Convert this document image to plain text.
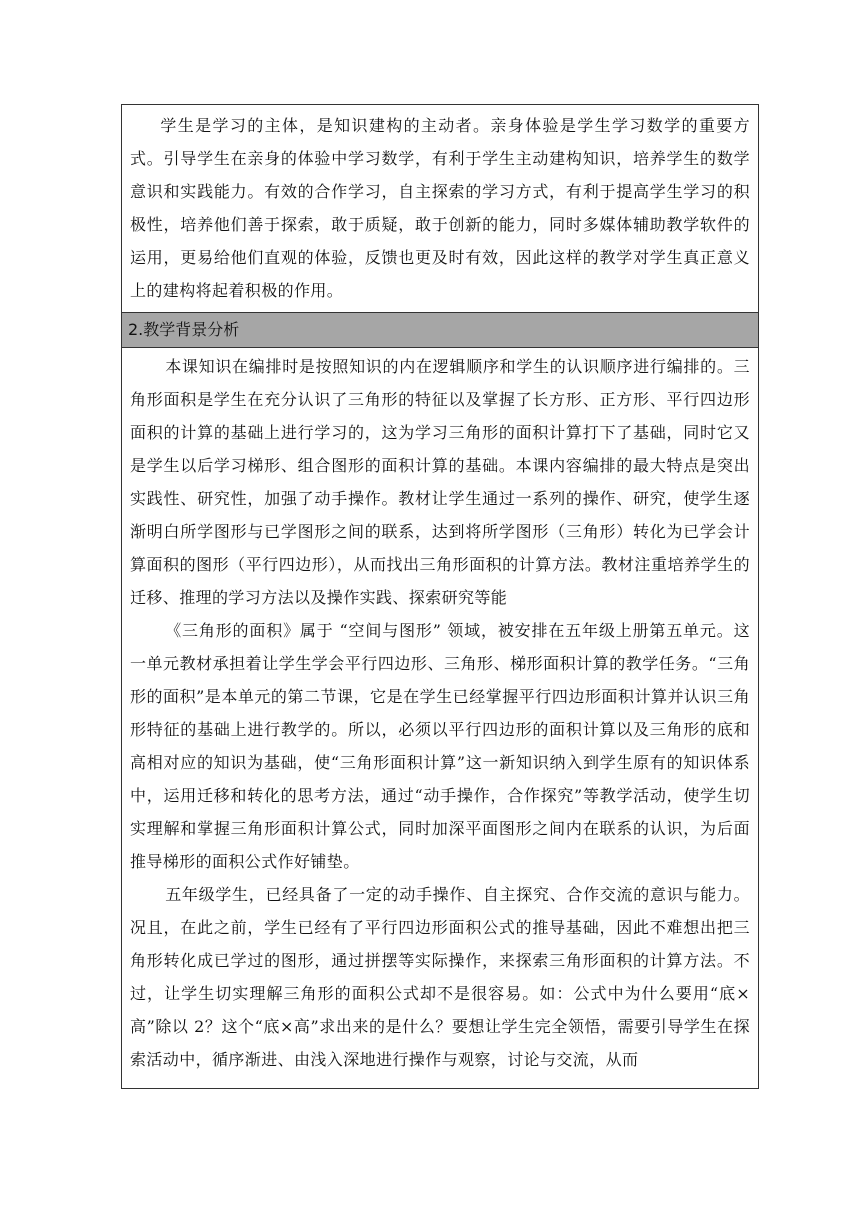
学生是学习的主体，是知识建构的主动者。亲身体验是学生学习数学的重要方式。引导学生在亲身的体验中学习数学，有利于学生主动建构知识，培养学生的数学意识和实践能力。有效的合作学习，自主探索的学习方式，有利于提高学生学习的积极性，培养他们善于探索，敢于质疑，敢于创新的能力，同时多媒体辅助教学软件的运用，更易给他们直观的体验，反馈也更及时有效，因此这样的教学对学生真正意义上的建构将起着积极的作用。

2.教学背景分析

本课知识在编排时是按照知识的内在逻辑顺序和学生的认识顺序进行编排的。三角形面积是学生在充分认识了三角形的特征以及掌握了长方形、正方形、平行四边形面积的计算的基础上进行学习的，这为学习三角形的面积计算打下了基础，同时它又是学生以后学习梯形、组合图形的面积计算的基础。本课内容编排的最大特点是突出实践性、研究性，加强了动手操作。教材让学生通过一系列的操作、研究，使学生逐渐明白所学图形与已学图形之间的联系，达到将所学图形（三角形）转化为已学会计算面积的图形（平行四边形），从而找出三角形面积的计算方法。教材注重培养学生的迁移、推理的学习方法以及操作实践、探索研究等能

《三角形的面积》属于 “空间与图形” 领域，被安排在五年级上册第五单元。这一单元教材承担着让学生学会平行四边形、三角形、梯形面积计算的教学任务。“三角形的面积”是本单元的第二节课，它是在学生已经掌握平行四边形面积计算并认识三角形特征的基础上进行教学的。所以，必须以平行四边形的面积计算以及三角形的底和高相对应的知识为基础，使“三角形面积计算”这一新知识纳入到学生原有的知识体系中，运用迁移和转化的思考方法，通过“动手操作，合作探究”等教学活动，使学生切实理解和掌握三角形面积计算公式，同时加深平面图形之间内在联系的认识，为后面推导梯形的面积公式作好铺垫。

五年级学生，已经具备了一定的动手操作、自主探究、合作交流的意识与能力。况且，在此之前，学生已经有了平行四边形面积公式的推导基础，因此不难想出把三角形转化成已学过的图形，通过拼摆等实际操作，来探索三角形面积的计算方法。不过，让学生切实理解三角形的面积公式却不是很容易。如：公式中为什么要用“底×高”除以 2？这个“底×高”求出来的是什么？要想让学生完全领悟，需要引导学生在探索活动中，循序渐进、由浅入深地进行操作与观察，讨论与交流，从而
